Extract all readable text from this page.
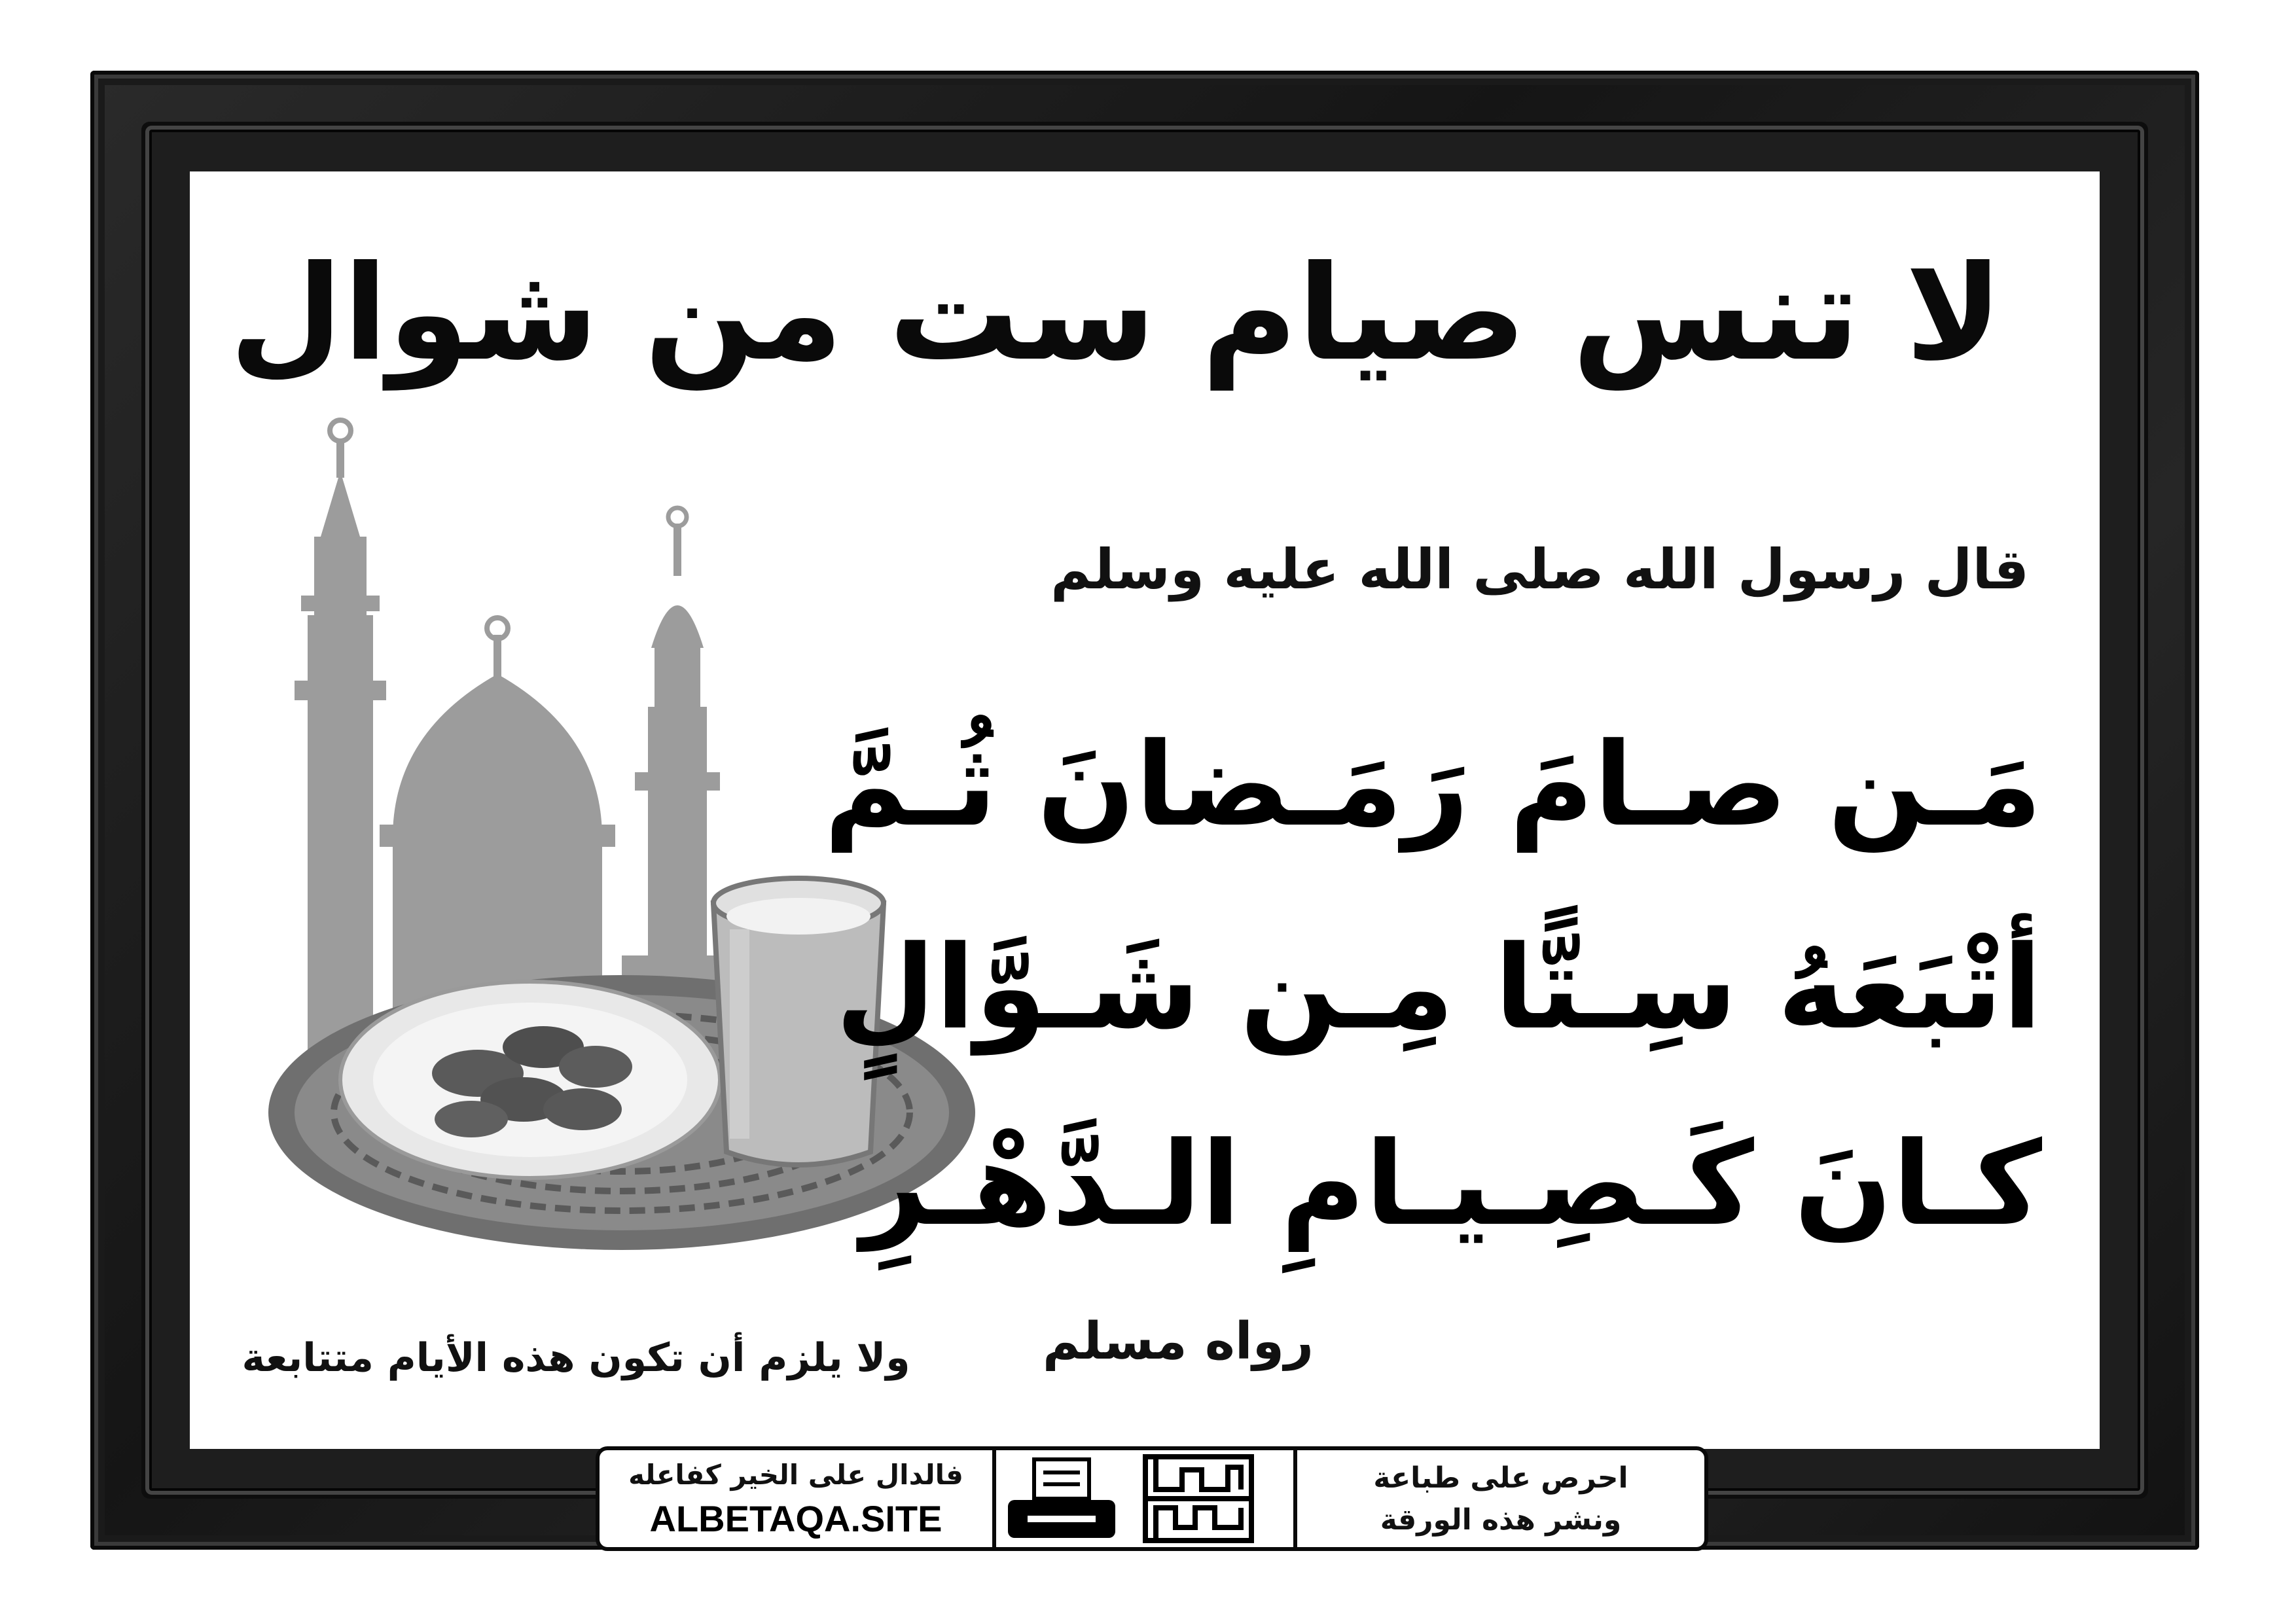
لا تنس صيام ست من شوال
قال رسول الله صلى الله عليه وسلم
مَـن صـامَ رَمَـضانَ ثُـمَّ
أتْبَعَهُ سِـتًّا مِـن شَـوَّالٍ
كـانَ كَـصِـيـامِ الـدَّهْـرِ
رواه مسلم
ولا يلزم أن تكون هذه الأيام متتابعة
فالدال على الخير كفاعله
ALBETAQA.SITE
احرص على طباعة
ونشر هذه الورقة
